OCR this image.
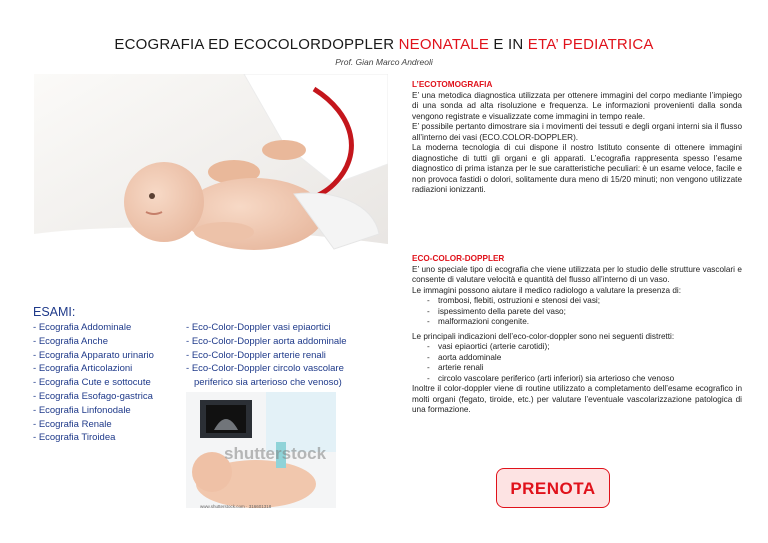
ECOGRAFIA ED ECOCOLORDOPPLER NEONATALE E IN ETA’ PEDIATRICA
Prof. Gian Marco Andreoli
ESAMI:
- Ecografia Addominale
- Ecografia Anche
- Ecografia Apparato urinario
- Ecografia Articolazioni
- Ecografia Cute e sottocute
- Ecografia Esofago-gastrica
- Ecografia Linfonodale
- Ecografia Renale
- Ecografia Tiroidea
- Eco-Color-Doppler vasi epiaortici
- Eco-Color-Doppler aorta addominale
- Eco-Color-Doppler arterie renali
- Eco-Color-Doppler circolo vascolare periferico sia arterioso che venoso)
shutterstock
www.shutterstock.com · 316601318
L’ECOTOMOGRAFIA

E’ una metodica diagnostica utilizzata per ottenere immagini del corpo mediante l’impiego di una sonda ad alta risoluzione e frequenza. Le informazioni provenienti dalla sonda vengono registrate e visualizzate come immagini in tempo reale.

E’ possibile pertanto dimostrare sia i movimenti dei tessuti e degli organi interni sia il flusso all’interno dei vasi (ECO.COLOR-DOPPLER).

La moderna tecnologia di cui dispone il nostro Istituto consente di ottenere immagini diagnostiche di tutti gli organi e gli apparati. L’ecografia rappresenta spesso l’esame diagnostico di prima istanza per le sue caratteristiche peculiari: è un esame veloce, facile e non provoca fastidi o dolori, solitamente dura meno di 15/20 minuti; non vengono utilizzate radiazioni ionizzanti.

ECO-COLOR-DOPPLER

E’ uno speciale tipo di ecografia che viene utilizzata per lo studio delle strutture vascolari e consente di valutare velocità e quantità del flusso all’interno di un vaso.

Le immagini possono aiutare il medico radiologo a valutare la presenza di:

- trombosi, flebiti, ostruzioni e stenosi dei vasi;
- ispessimento della parete del vaso;
- malformazioni congenite.

Le principali indicazioni dell’eco-color-doppler sono nei seguenti distretti:

- vasi epiaortici (arterie carotidi);
- aorta addominale
- arterie renali
- circolo vascolare periferico (arti inferiori) sia arterioso che venoso

Inoltre il color-doppler viene di routine utilizzato a completamento dell’esame ecografico in molti organi (fegato, tiroide, etc.) per valutare l’eventuale vascolarizzazione patologica di una formazione.

PRENOTA
